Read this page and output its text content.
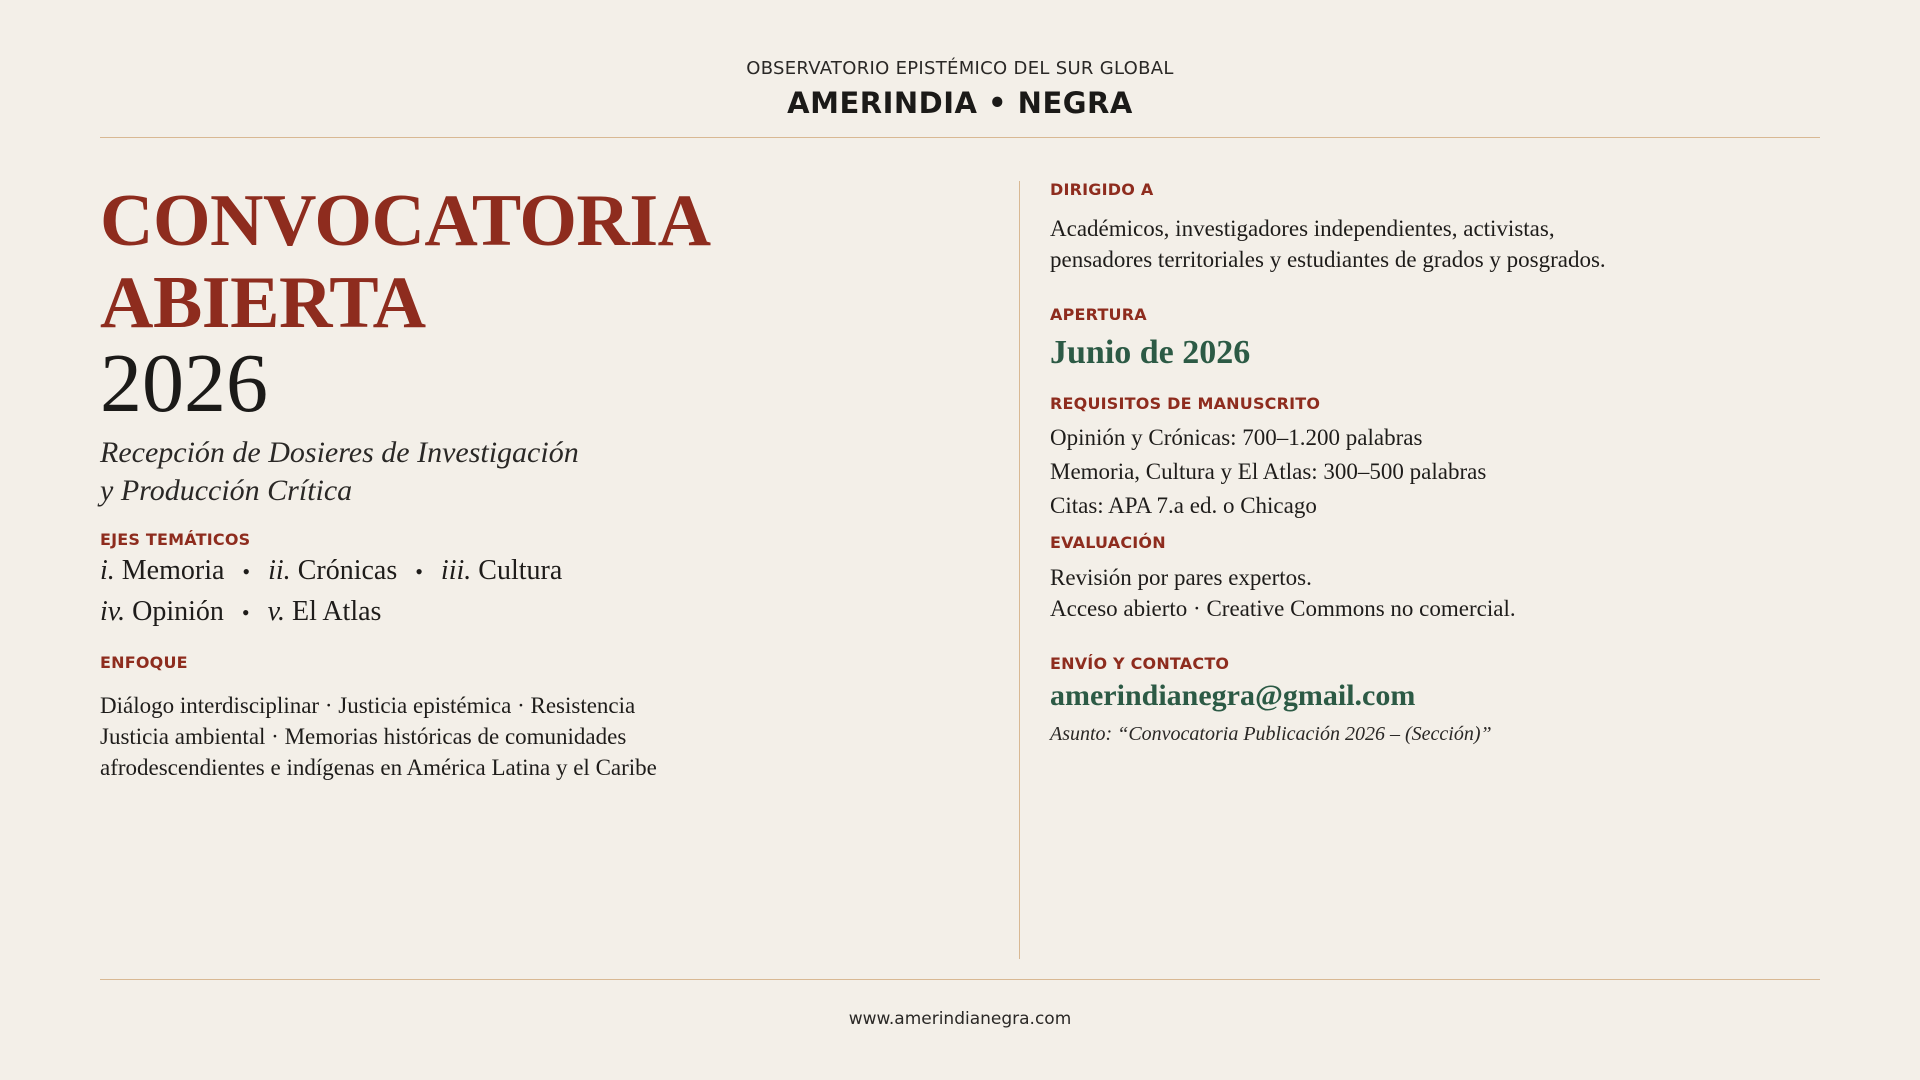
OBSERVATORIO EPISTÉMICO DEL SUR GLOBAL
AMERINDIA • NEGRA
CONVOCATORIA ABIERTA
2026
Recepción de Dosieres de Investigación
y Producción Crítica
EJES TEMÁTICOS
i. Memoria • ii. Crónicas • iii. Cultura
iv. Opinión • v. El Atlas
ENFOQUE
Diálogo interdisciplinar · Justicia epistémica · Resistencia
Justicia ambiental · Memorias históricas de comunidades
afrodescendientes e indígenas en América Latina y el Caribe
DIRIGIDO A
Académicos, investigadores independientes, activistas,
pensadores territoriales y estudiantes de grados y posgrados.
APERTURA
Junio de 2026
REQUISITOS DE MANUSCRITO
Opinión y Crónicas: 700–1.200 palabras
Memoria, Cultura y El Atlas: 300–500 palabras
Citas: APA 7.a ed. o Chicago
EVALUACIÓN
Revisión por pares expertos.
Acceso abierto · Creative Commons no comercial.
ENVÍO Y CONTACTO
amerindianegra@gmail.com
Asunto: “Convocatoria Publicación 2026 – (Sección)”
www.amerindianegra.com
